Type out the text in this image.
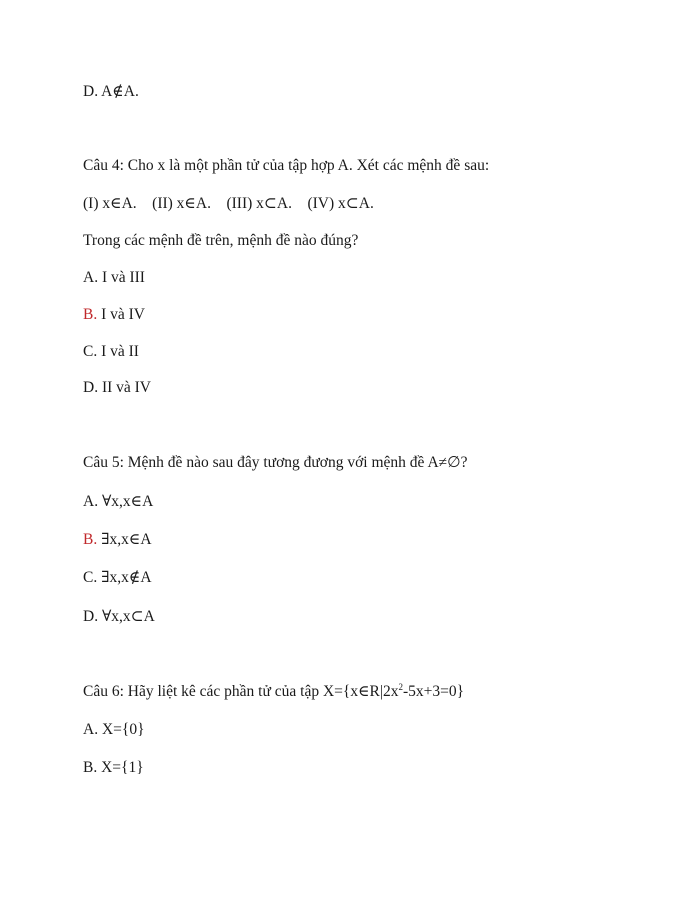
D. A∉A.
Câu 4: Cho x là một phần tử của tập hợp A. Xét các mệnh đề sau:
(I) x∈A.    (II) x∈A.    (III) x⊂A.    (IV) x⊂A.
Trong các mệnh đề trên, mệnh đề nào đúng?
A. I và III
B. I và IV
C. I và II
D. II và IV
Câu 5: Mệnh đề nào sau đây tương đương với mệnh đề A≠∅?
A. ∀x,x∈A
B. ∃x,x∈A
C. ∃x,x∉A
D. ∀x,x⊂A
Câu 6: Hãy liệt kê các phần tử của tập $X=\{x\in R|2x^2-5x+3=0\}$
A. X={0}
B. X={1}
